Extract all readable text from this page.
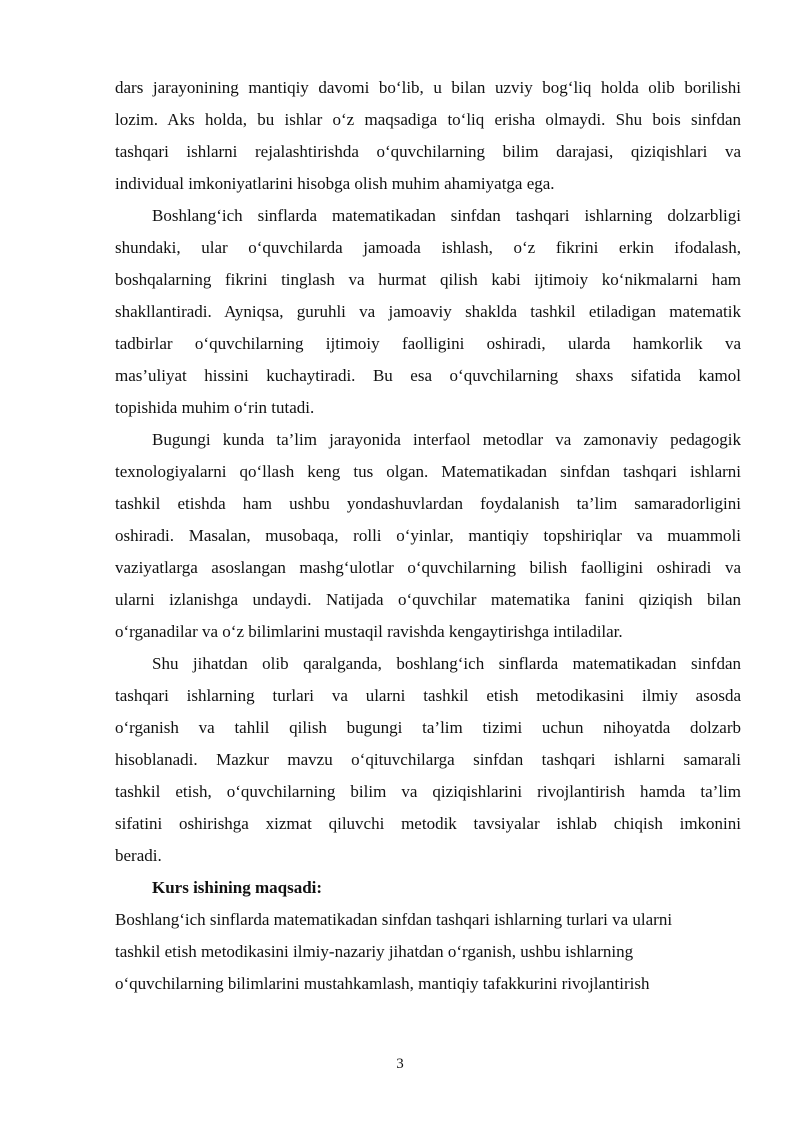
dars jarayonining mantiqiy davomi bo‘lib, u bilan uzviy bog‘liq holda olib borilishi
lozim. Aks holda, bu ishlar o‘z maqsadiga to‘liq erisha olmaydi. Shu bois sinfdan
tashqari ishlarni rejalashtirishda o‘quvchilarning bilim darajasi, qiziqishlari va
individual imkoniyatlarini hisobga olish muhim ahamiyatga ega.
Boshlang‘ich sinflarda matematikadan sinfdan tashqari ishlarning dolzarbligi
shundaki, ular o‘quvchilarda jamoada ishlash, o‘z fikrini erkin ifodalash,
boshqalarning fikrini tinglash va hurmat qilish kabi ijtimoiy ko‘nikmalarni ham
shakllantiradi. Ayniqsa, guruhli va jamoaviy shaklda tashkil etiladigan matematik
tadbirlar o‘quvchilarning ijtimoiy faolligini oshiradi, ularda hamkorlik va
mas’uliyat hissini kuchaytiradi. Bu esa o‘quvchilarning shaxs sifatida kamol
topishida muhim o‘rin tutadi.
Bugungi kunda ta’lim jarayonida interfaol metodlar va zamonaviy pedagogik
texnologiyalarni qo‘llash keng tus olgan. Matematikadan sinfdan tashqari ishlarni
tashkil etishda ham ushbu yondashuvlardan foydalanish ta’lim samaradorligini
oshiradi. Masalan, musobaqa, rolli o‘yinlar, mantiqiy topshiriqlar va muammoli
vaziyatlarga asoslangan mashg‘ulotlar o‘quvchilarning bilish faolligini oshiradi va
ularni izlanishga undaydi. Natijada o‘quvchilar matematika fanini qiziqish bilan
o‘rganadilar va o‘z bilimlarini mustaqil ravishda kengaytirishga intiladilar.
Shu jihatdan olib qaralganda, boshlang‘ich sinflarda matematikadan sinfdan
tashqari ishlarning turlari va ularni tashkil etish metodikasini ilmiy asosda
o‘rganish va tahlil qilish bugungi ta’lim tizimi uchun nihoyatda dolzarb
hisoblanadi. Mazkur mavzu o‘qituvchilarga sinfdan tashqari ishlarni samarali
tashkil etish, o‘quvchilarning bilim va qiziqishlarini rivojlantirish hamda ta’lim
sifatini oshirishga xizmat qiluvchi metodik tavsiyalar ishlab chiqish imkonini
beradi.
Kurs ishining maqsadi:
Boshlang‘ich sinflarda matematikadan sinfdan tashqari ishlarning turlari va ularni
tashkil etish metodikasini ilmiy-nazariy jihatdan o‘rganish, ushbu ishlarning
o‘quvchilarning bilimlarini mustahkamlash, mantiqiy tafakkurini rivojlantirish
3
